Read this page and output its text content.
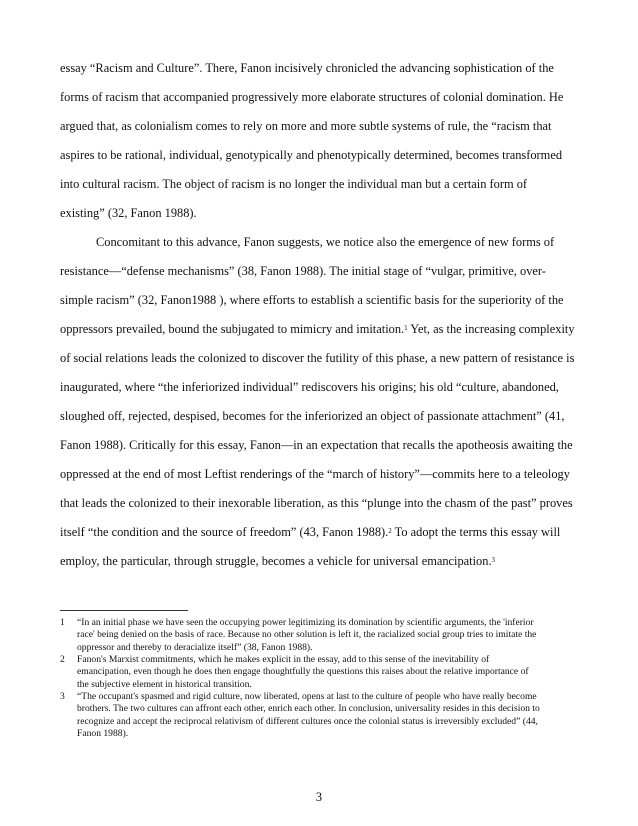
essay “Racism and Culture”. There, Fanon incisively chronicled the advancing sophistication of the
forms of racism that accompanied progressively more elaborate structures of colonial domination. He
argued that, as colonialism comes to rely on more and more subtle systems of rule, the “racism that
aspires to be rational, individual, genotypically and phenotypically determined, becomes transformed
into cultural racism. The object of racism is no longer the individual man but a certain form of
existing” (32, Fanon 1988).
Concomitant to this advance, Fanon suggests, we notice also the emergence of new forms of
resistance—“defense mechanisms” (38, Fanon 1988). The initial stage of “vulgar, primitive, over-
simple racism” (32, Fanon1988 ), where efforts to establish a scientific basis for the superiority of the
oppressors prevailed, bound the subjugated to mimicry and imitation.$^1$ Yet, as the increasing complexity
of social relations leads the colonized to discover the futility of this phase, a new pattern of resistance is
inaugurated, where “the inferiorized individual” rediscovers his origins; his old “culture, abandoned,
sloughed off, rejected, despised, becomes for the inferiorized an object of passionate attachment” (41,
Fanon 1988). Critically for this essay, Fanon—in an expectation that recalls the apotheosis awaiting the
oppressed at the end of most Leftist renderings of the “march of history”—commits here to a teleology
that leads the colonized to their inexorable liberation, as this “plunge into the chasm of the past” proves
itself “the condition and the source of freedom” (43, Fanon 1988).$^2$ To adopt the terms this essay will
employ, the particular, through struggle, becomes a vehicle for universal emancipation.$^3$
1	“In an initial phase we have seen the occupying power legitimizing its domination by scientific arguments, the 'inferior
race' being denied on the basis of race. Because no other solution is left it, the racialized social group tries to imitate the
oppressor and thereby to deracialize itself” (38, Fanon 1988).
2	Fanon's Marxist commitments, which he makes explicit in the essay, add to this sense of the inevitability of
emancipation, even though he does then engage thoughtfully the questions this raises about the relative importance of
the subjective element in historical transition.
3	“The occupant's spasmed and rigid culture, now liberated, opens at last to the culture of people who have really become
brothers. The two cultures can affront each other, enrich each other. In conclusion, universality resides in this decision to
recognize and accept the reciprocal relativism of different cultures once the colonial status is irreversibly excluded” (44,
Fanon 1988).
3
